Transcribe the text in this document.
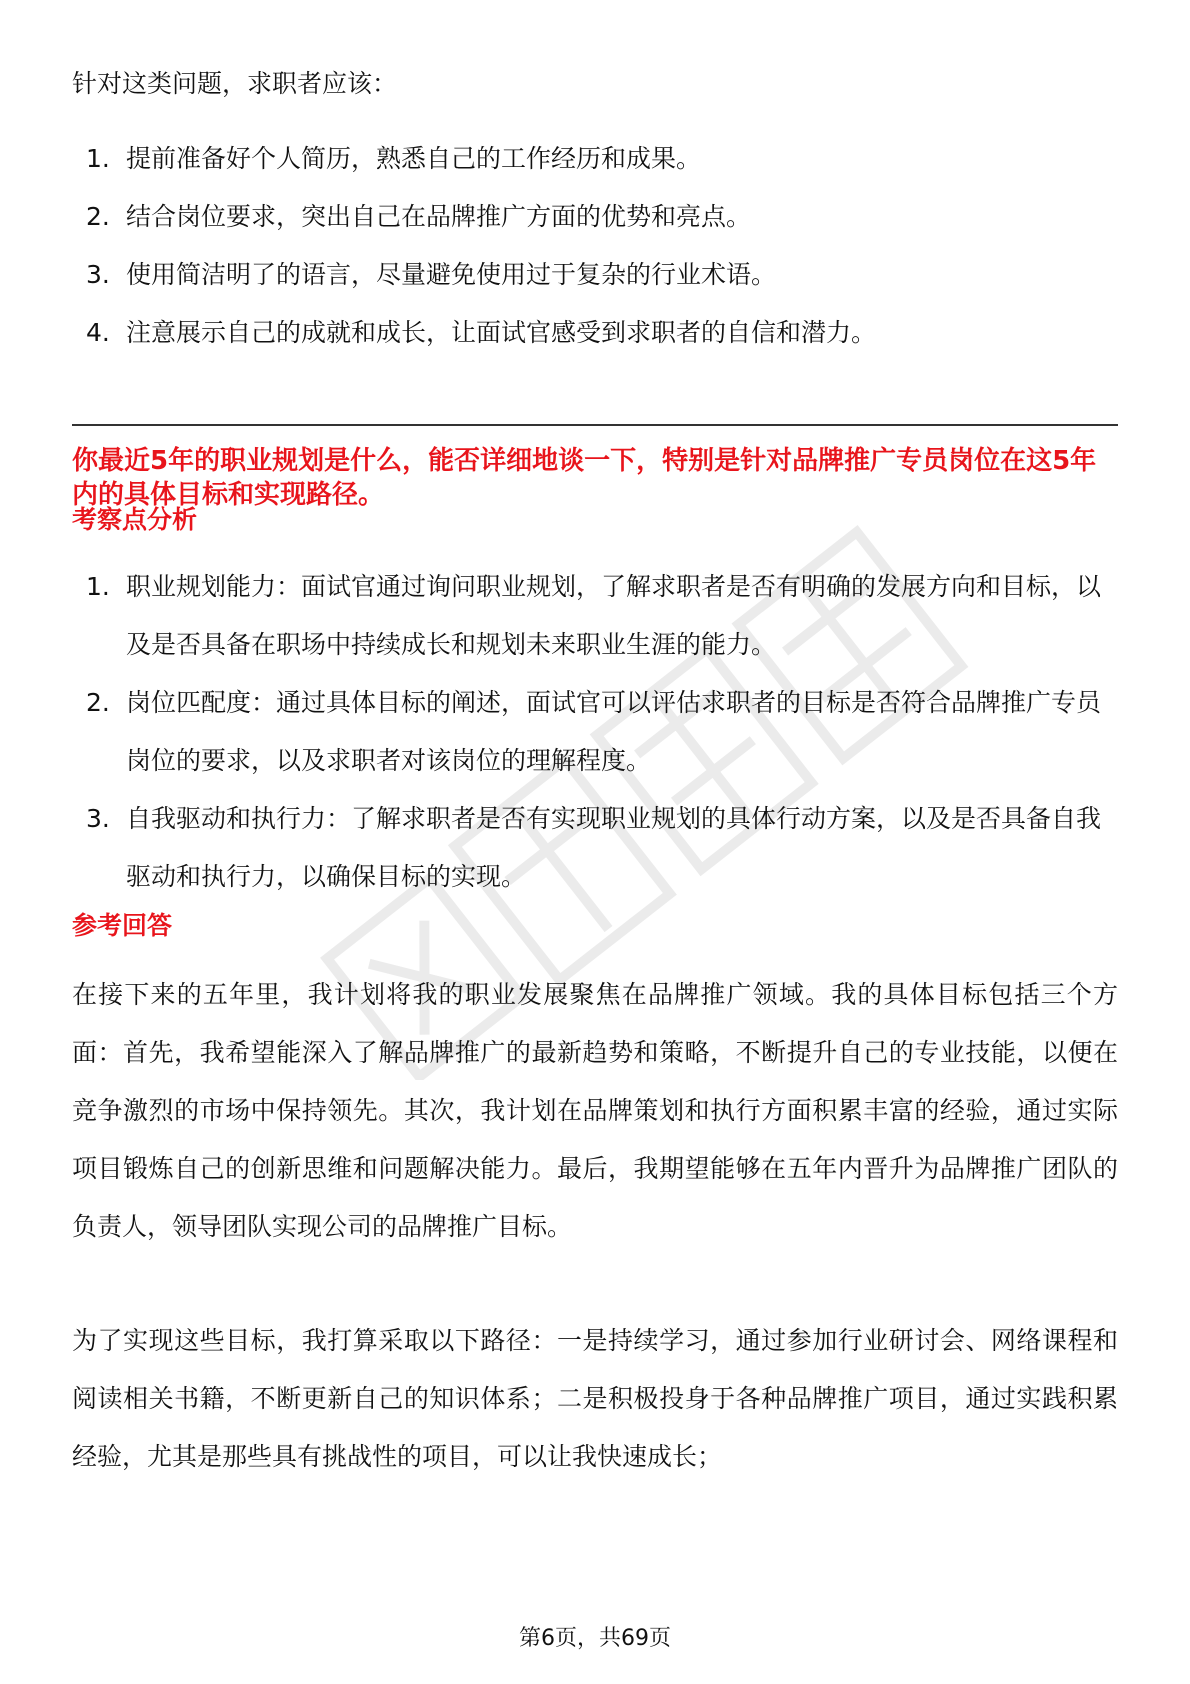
针对这类问题，求职者应该：
1. 提前准备好个人简历，熟悉自己的工作经历和成果。
2. 结合岗位要求，突出自己在品牌推广方面的优势和亮点。
3. 使用简洁明了的语言，尽量避免使用过于复杂的行业术语。
4. 注意展示自己的成就和成长，让面试官感受到求职者的自信和潜力。
你最近5年的职业规划是什么，能否详细地谈一下，特别是针对品牌推广专员岗位在这5年内的具体目标和实现路径。
考察点分析
1. 职业规划能力：面试官通过询问职业规划，了解求职者是否有明确的发展方向和目标，以及是否具备在职场中持续成长和规划未来职业生涯的能力。
2. 岗位匹配度：通过具体目标的阐述，面试官可以评估求职者的目标是否符合品牌推广专员岗位的要求，以及求职者对该岗位的理解程度。
3. 自我驱动和执行力：了解求职者是否有实现职业规划的具体行动方案，以及是否具备自我驱动和执行力，以确保目标的实现。
参考回答
在接下来的五年里，我计划将我的职业发展聚焦在品牌推广领域。我的具体目标包括三个方面：首先，我希望能深入了解品牌推广的最新趋势和策略，不断提升自己的专业技能，以便在竞争激烈的市场中保持领先。其次，我计划在品牌策划和执行方面积累丰富的经验，通过实际项目锻炼自己的创新思维和问题解决能力。最后，我期望能够在五年内晋升为品牌推广团队的负责人，领导团队实现公司的品牌推广目标。
为了实现这些目标，我打算采取以下路径：一是持续学习，通过参加行业研讨会、网络课程和阅读相关书籍，不断更新自己的知识体系；二是积极投身于各种品牌推广项目，通过实践积累经验，尤其是那些具有挑战性的项目，可以让我快速成长；
第6页，共69页
